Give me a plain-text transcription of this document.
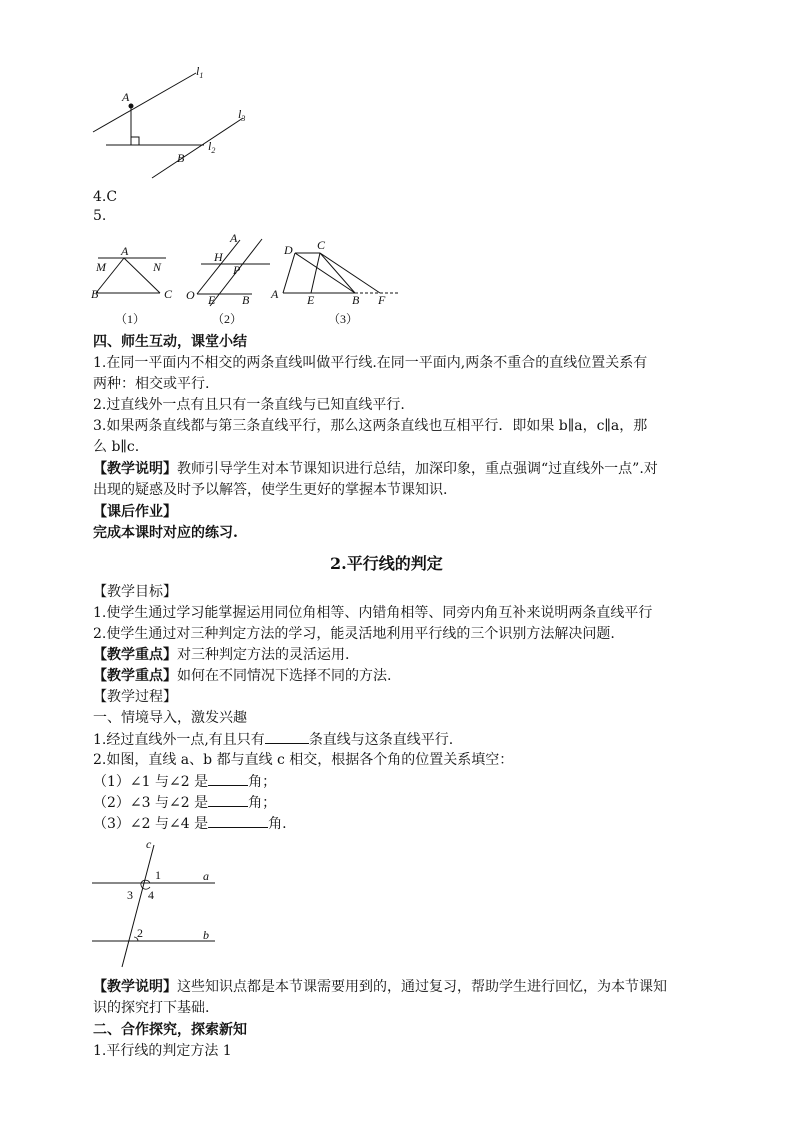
A
B
$l_1$
$l_3$
$l_2$
4.C
5.
A
M	N
B	C
（1）
A
H
P
O E B
（2）
D C
A E	B F
（3）
四、师生互动，课堂小结
1.在同一平面内不相交的两条直线叫做平行线.在同一平面内,两条不重合的直线位置关系有
两种：相交或平行.
2.过直线外一点有且只有一条直线与已知直线平行.
3.如果两条直线都与第三条直线平行，那么这两条直线也互相平行．即如果 b∥a，c∥a，那
么 b∥c.
【教学说明】教师引导学生对本节课知识进行总结，加深印象，重点强调“过直线外一点”.对
出现的疑惑及时予以解答，使学生更好的掌握本节课知识.
【课后作业】
完成本课时对应的练习.
2.平行线的判定
【教学目标】
1.使学生通过学习能掌握运用同位角相等、内错角相等、同旁内角互补来说明两条直线平行
2.使学生通过对三种判定方法的学习，能灵活地利用平行线的三个识别方法解决问题.
【教学重点】对三种判定方法的灵活运用.
【教学重点】如何在不同情况下选择不同的方法.
【教学过程】
一、情境导入，激发兴趣
1.经过直线外一点,有且只有	条直线与这条直线平行.
2.如图，直线 a、b 都与直线 c 相交，根据各个角的位置关系填空：
（1）∠1 与∠2 是	角；
（2）∠3 与∠2 是	角；
（3）∠2 与∠4 是	角.
c
a
b
1
3 4
2
【教学说明】这些知识点都是本节课需要用到的，通过复习，帮助学生进行回忆，为本节课知
识的探究打下基础.
二、合作探究，探索新知
1.平行线的判定方法 1
